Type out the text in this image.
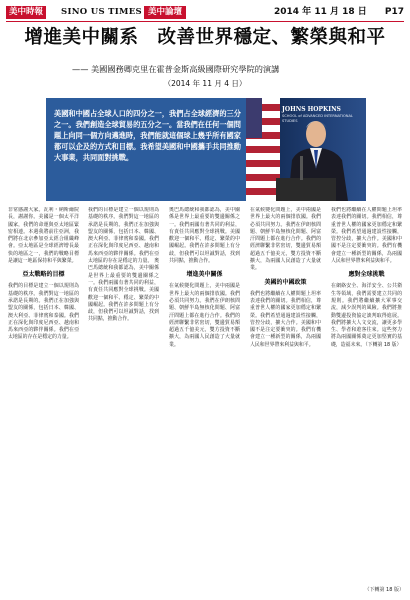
美中時報	SINO US TIMES 美中論壇	2014 年 11 月 18 日 P17
增進美中關系　改善世界穩定、繁榮與和平
—— 美國國務卿克里在霍普金斯高級國際研究學院的演講
（2014 年 11 月 4 日）
美國和中國占全球人口的四分之一，我們占全球經濟的三分之一。我們創造全球貿易的五分之一。當我們在任何一個問題上向同一個方向邁進時，我們能就這個球上幾乎所有國家都可以企及的方式和目標。我希望美國和中國攜手共同推動大事業，共同面對挑戰。
JOHNS HOPKINS
SCHOOL of ADVANCED INTERNATIONAL STUDIES
非常感謝大家。瓦利・納斯爾院長，謝謝你。美國是一個太平洋國家，我們的命運與亞太地區緊密相連。本週我將前往亞洲，我們將在北京參加亞太經合組織峰會。亞太地區是全球經濟增長最快的地區之一，我們的戰略目標是讓這一地區保持和平與繁榮。
亞太戰略的目標
我們的目標是建立一個以規則為基礎的秩序。我們對這一地區的承諾是長期的。我們正在加強與盟友的關係，包括日本、韓國、澳大利亞、菲律賓和泰國。我們正在深化與印度尼西亞、越南和馬來西亞的夥伴關係。我們在亞太地區的存在是穩定的力量。
我們的目標是建立一個以規則為基礎的秩序。我們對這一地區的承諾是長期的。我們正在加強與盟友的關係，包括日本、韓國、澳大利亞、菲律賓和泰國。我們正在深化與印度尼西亞、越南和馬來西亞的夥伴關係。我們在亞太地區的存在是穩定的力量。 奧巴馬總統和我都認為，美中關係是世界上最重要的雙邊關係之一。我們兩國有著共同的利益，有責任共同應對全球挑戰。美國歡迎一個和平、穩定、繁榮的中國崛起。我們在許多問題上有分歧，但我們可以坦誠對話，找到共同點，推動合作。
奧巴馬總統和我都認為，美中關係是世界上最重要的雙邊關係之一。我們兩國有著共同的利益，有責任共同應對全球挑戰。美國歡迎一個和平、穩定、繁榮的中國崛起。我們在許多問題上有分歧，但我們可以坦誠對話，找到共同點，推動合作。
增進美中關係
在氣候變化問題上，美中兩國是世界上最大的兩個排放國。我們必須共同努力。我們在伊朗核問題、朝鮮半島無核化問題、阿富汗問題上都在進行合作。我們的經濟聯繫非常密切，雙邊貿易額超過五千億美元，雙方投資不斷擴大，為兩國人民創造了大量就業。
在氣候變化問題上，美中兩國是世界上最大的兩個排放國。我們必須共同努力。我們在伊朗核問題、朝鮮半島無核化問題、阿富汗問題上都在進行合作。我們的經濟聯繫非常密切，雙邊貿易額超過五千億美元，雙方投資不斷擴大，為兩國人民創造了大量就業。
美國的中國政策
我們也將繼續在人權問題上坦率表達我們的關切。我們相信，尊重普世人權的國家更加穩定和繁榮。我們希望通過建設性接觸，管控分歧，擴大合作。美國和中國不是注定要衝突的。我們有機會建立一種新型的關係，為兩國人民和世界帶來利益與和平。
我們也將繼續在人權問題上坦率表達我們的關切。我們相信，尊重普世人權的國家更加穩定和繁榮。我們希望通過建設性接觸，管控分歧，擴大合作。美國和中國不是注定要衝突的。我們有機會建立一種新型的關係，為兩國人民和世界帶來利益與和平。
應對全球挑戰
在網絡安全、海洋安全、公共衛生等領域，我們需要建立共同的規則。我們將繼續擴大軍事交流，減少誤判的風險。我們將推動雙邊投資協定談判取得進展。我們將擴大人文交流，讓更多學生、學者和遊客往來。這些努力將為兩國關係奠定更加堅實的基礎，造福未來。（下轉第 18 版）
（下轉第 18 版）
